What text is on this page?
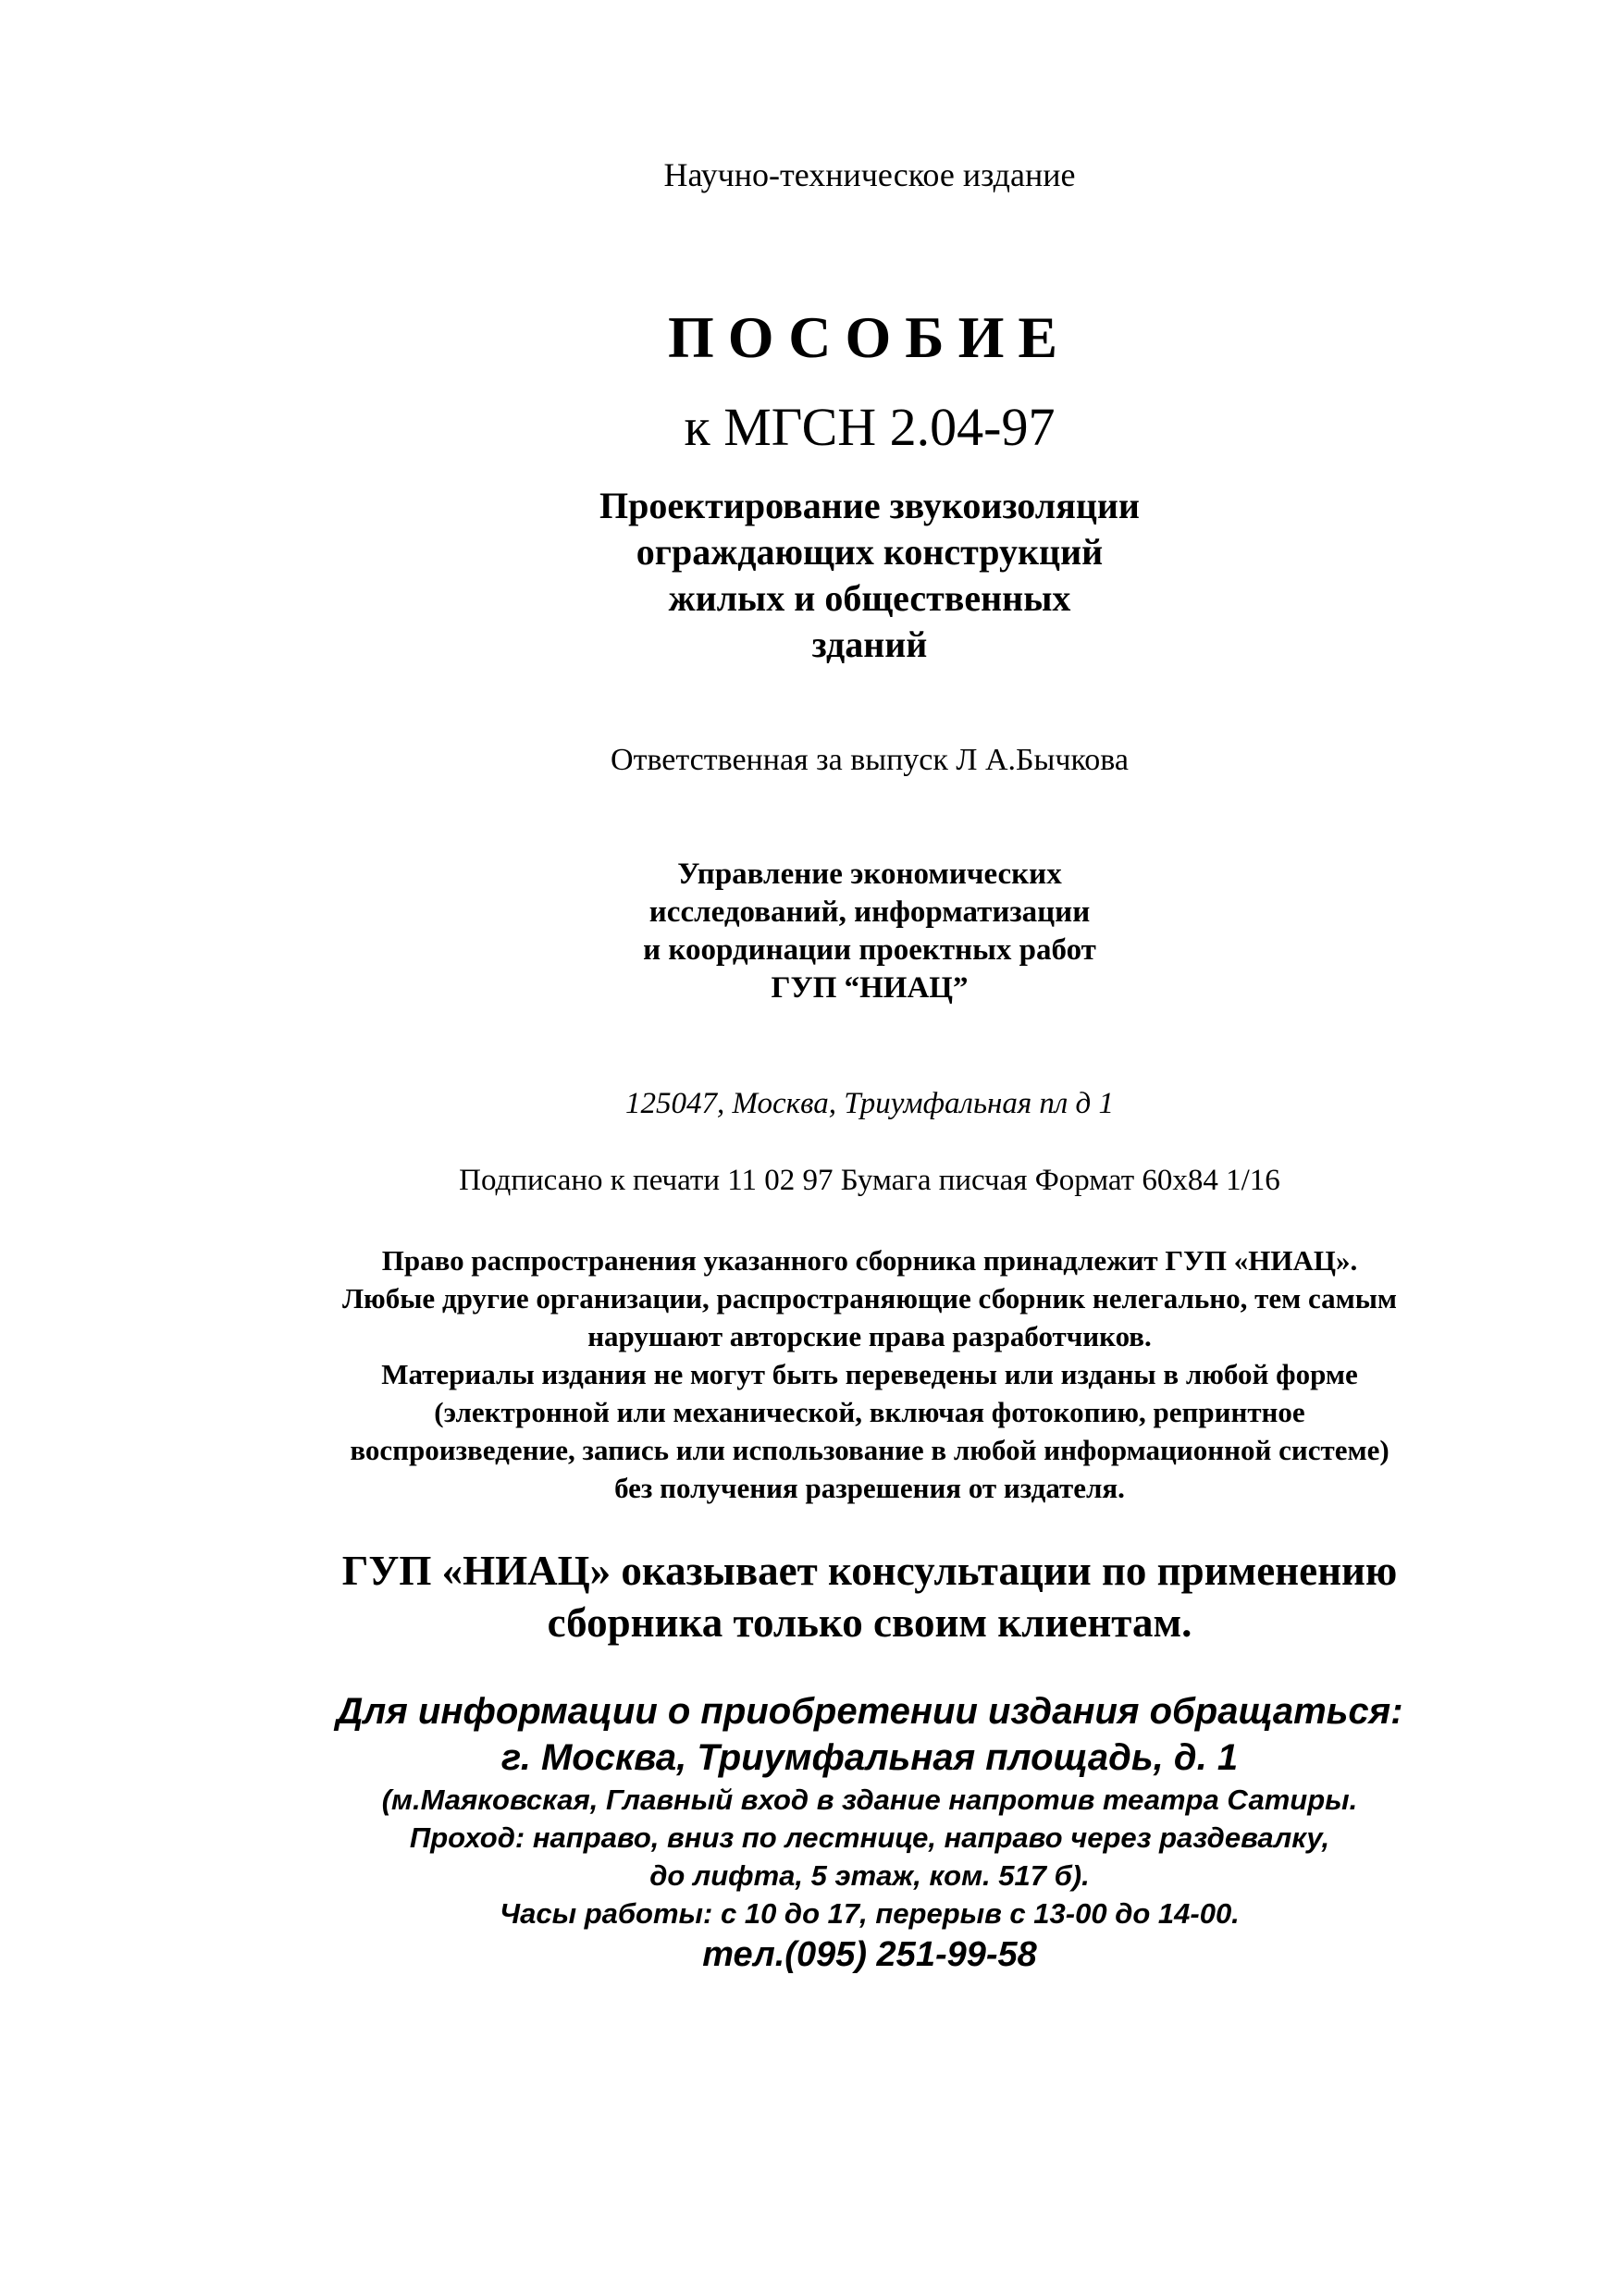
Научно-техническое издание
ПОСОБИЕ
к МГСН 2.04-97
Проектирование звукоизоляции
ограждающих конструкций
жилых и общественных
зданий
Ответственная за выпуск Л А.Бычкова
Управление экономических
исследований, информатизации
и координации проектных работ
ГУП “НИАЦ”
125047, Москва, Триумфальная пл д 1
Подписано к печати 11 02 97 Бумага писчая Формат 60х84 1/16
Право распространения указанного сборника принадлежит ГУП «НИАЦ».
Любые другие организации, распространяющие сборник нелегально, тем самым
нарушают авторские права разработчиков.
Материалы издания не могут быть переведены или изданы в любой форме
(электронной или механической, включая фотокопию, репринтное
воспроизведение, запись или использование в любой информационной системе)
без получения разрешения от издателя.
ГУП «НИАЦ» оказывает консультации по применению
сборника только своим клиентам.
Для информации о приобретении издания обращаться:
г. Москва, Триумфальная площадь, д. 1
(м.Маяковская, Главный вход в здание напротив театра Сатиры.
Проход: направо, вниз по лестнице, направо через раздевалку,
до лифта, 5 этаж, ком. 517 б).
Часы работы: с 10 до 17, перерыв с 13-00 до 14-00.
тел.(095) 251-99-58
